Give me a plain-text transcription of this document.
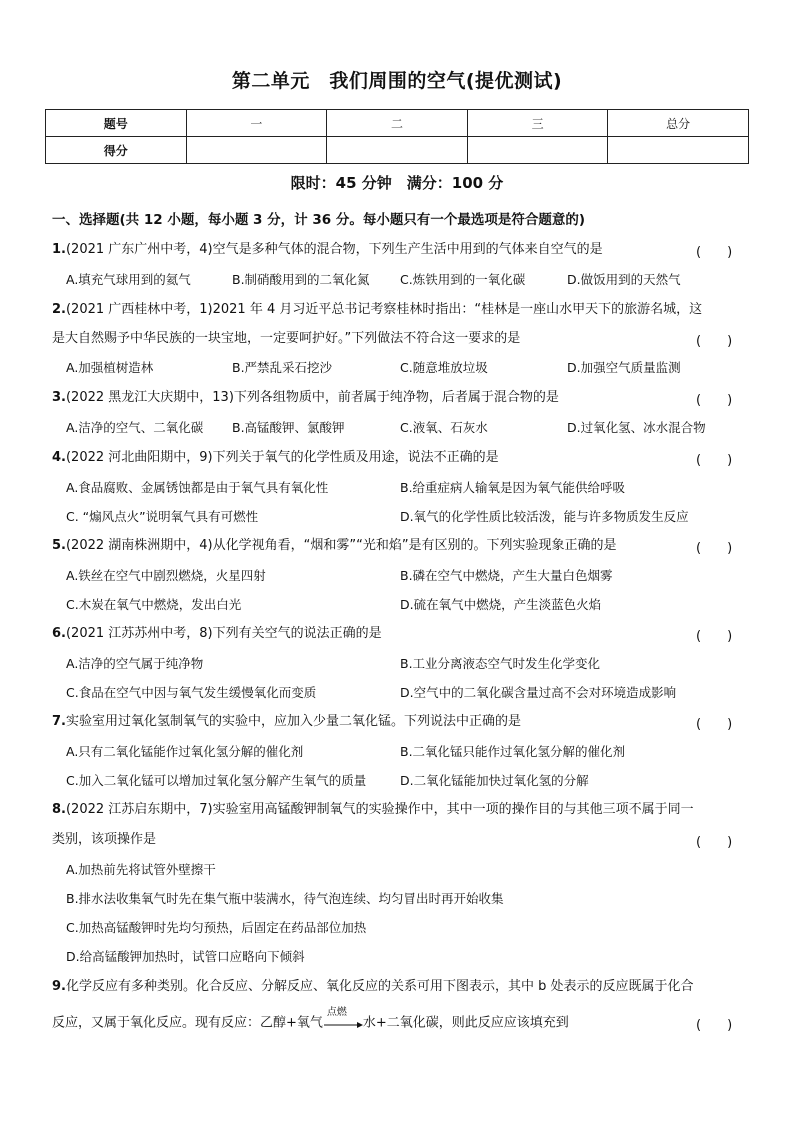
第二单元　我们周围的空气(提优测试)
题号	一	二	三	总分
得分				
限时：45 分钟　满分：100 分
一、选择题(共 12 小题，每小题 3 分，计 36 分。每小题只有一个最选项是符合题意的)
1.(2021 广东广州中考，4)空气是多种气体的混合物，下列生产生活中用到的气体来自空气的是	(　　)
A.填充气球用到的氦气	B.制硝酸用到的二氧化氮 C.炼铁用到的一氧化碳	D.做饭用到的天然气
2.(2021 广西桂林中考，1)2021 年 4 月习近平总书记考察桂林时指出：“桂林是一座山水甲天下的旅游名城，这
是大自然赐予中华民族的一块宝地，一定要呵护好。”下列做法不符合这一要求的是	(　　)
A.加强植树造林	B.严禁乱采石挖沙	C.随意堆放垃圾	D.加强空气质量监测
3.(2022 黑龙江大庆期中，13)下列各组物质中，前者属于纯净物，后者属于混合物的是	(　　)
A.洁净的空气、二氧化碳 B.高锰酸钾、氯酸钾	C.液氧、石灰水	D.过氧化氢、冰水混合物
4.(2022 河北曲阳期中，9)下列关于氧气的化学性质及用途，说法不正确的是	(　　)
A.食品腐败、金属锈蚀都是由于氧气具有氧化性	B.给重症病人输氧是因为氧气能供给呼吸
C. “煽风点火”说明氧气具有可燃性	D.氧气的化学性质比较活泼，能与许多物质发生反应
5.(2022 湖南株洲期中，4)从化学视角看，“烟和雾”“光和焰”是有区别的。下列实验现象正确的是	(　　)
A.铁丝在空气中剧烈燃烧，火星四射	B.磷在空气中燃烧，产生大量白色烟雾
C.木炭在氧气中燃烧，发出白光	D.硫在氧气中燃烧，产生淡蓝色火焰
6.(2021 江苏苏州中考，8)下列有关空气的说法正确的是	(　　)
A.洁净的空气属于纯净物	B.工业分离液态空气时发生化学变化
C.食品在空气中因与氧气发生缓慢氧化而变质	D.空气中的二氧化碳含量过高不会对环境造成影响
7.实验室用过氧化氢制氧气的实验中，应加入少量二氧化锰。下列说法中正确的是	(　　)
A.只有二氧化锰能作过氧化氢分解的催化剂	B.二氧化锰只能作过氧化氢分解的催化剂
C.加入二氧化锰可以增加过氧化氢分解产生氧气的质量	D.二氧化锰能加快过氧化氢的分解
8.(2022 江苏启东期中，7)实验室用高锰酸钾制氧气的实验操作中，其中一项的操作目的与其他三项不属于同一
类别，该项操作是	(　　)
A.加热前先将试管外壁擦干
B.排水法收集氧气时先在集气瓶中装满水，待气泡连续、均匀冒出时再开始收集
C.加热高锰酸钾时先均匀预热，后固定在药品部位加热
D.给高锰酸钾加热时，试管口应略向下倾斜
9.化学反应有多种类别。化合反应、分解反应、氧化反应的关系可用下图表示，其中 b 处表示的反应既属于化合
反应，又属于氧化反应。现有反应：乙醇+氧气
点燃
水+二氧化碳，则此反应应该填充到	(　　)
